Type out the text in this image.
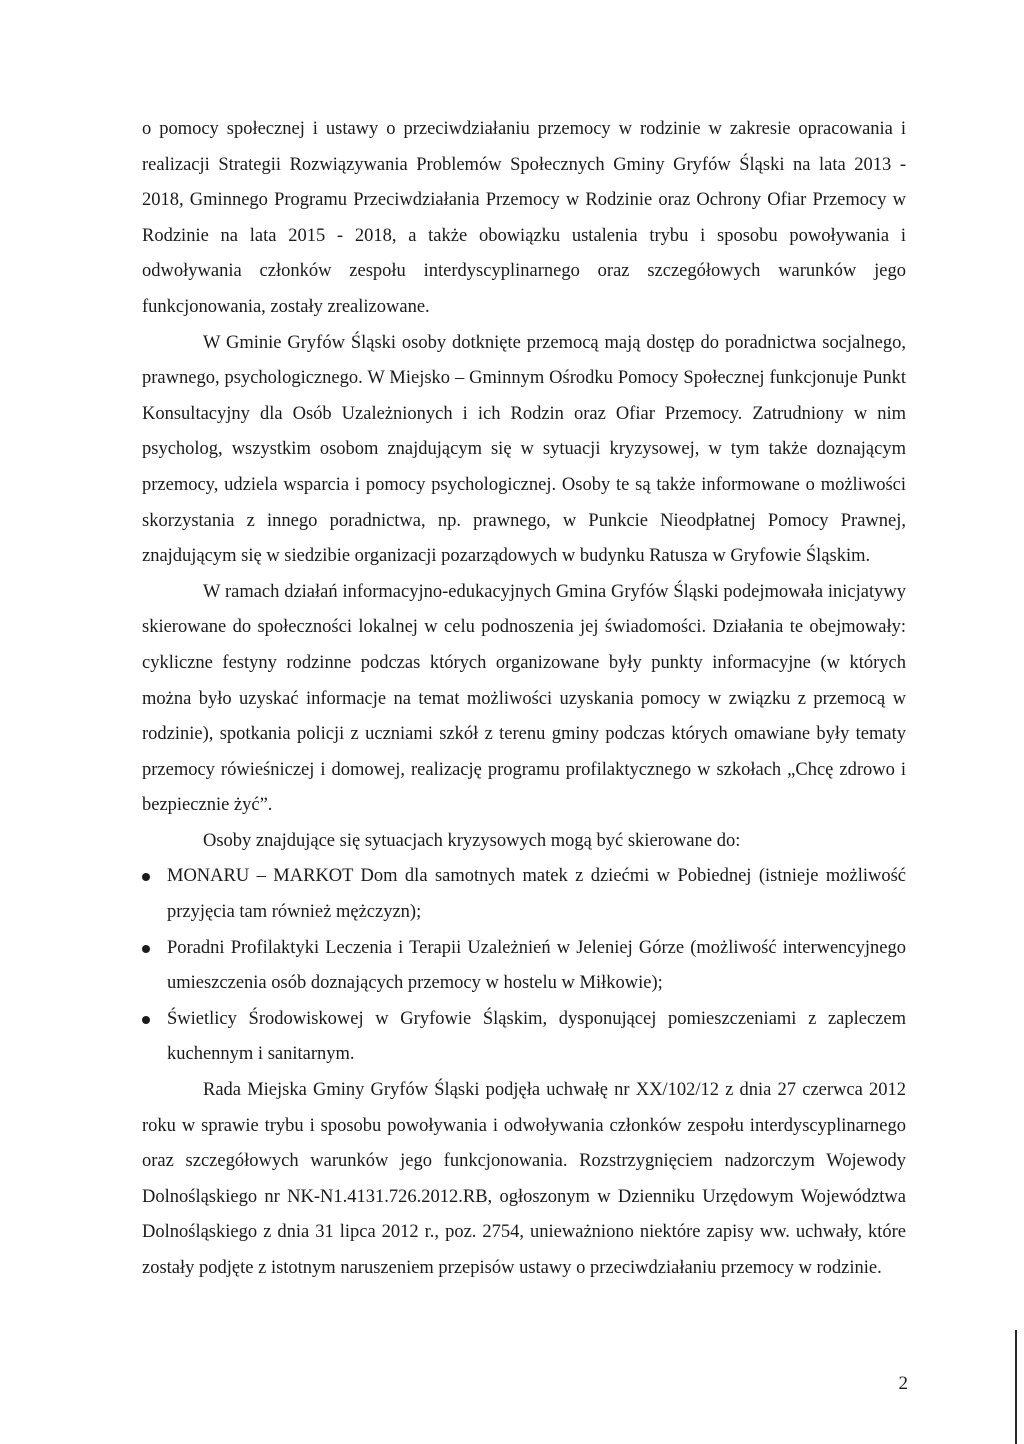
o pomocy społecznej i ustawy o przeciwdziałaniu przemocy w rodzinie w zakresie opracowania i realizacji Strategii Rozwiązywania Problemów Społecznych Gminy Gryfów Śląski na lata 2013 - 2018, Gminnego Programu Przeciwdziałania Przemocy w Rodzinie oraz Ochrony Ofiar Przemocy w Rodzinie na lata 2015 - 2018, a także obowiązku ustalenia trybu i sposobu powoływania i odwoływania członków zespołu interdyscyplinarnego oraz szczegółowych warunków jego funkcjonowania, zostały zrealizowane.

W Gminie Gryfów Śląski osoby dotknięte przemocą mają dostęp do poradnictwa socjalnego, prawnego, psychologicznego. W Miejsko – Gminnym Ośrodku Pomocy Społecznej funkcjonuje Punkt Konsultacyjny dla Osób Uzależnionych i ich Rodzin oraz Ofiar Przemocy. Zatrudniony w nim psycholog, wszystkim osobom znajdującym się w sytuacji kryzysowej, w tym także doznającym przemocy, udziela wsparcia i pomocy psychologicznej. Osoby te są także informowane o możliwości skorzystania z innego poradnictwa, np. prawnego, w Punkcie Nieodpłatnej Pomocy Prawnej, znajdującym się w siedzibie organizacji pozarządowych w budynku Ratusza w Gryfowie Śląskim.

W ramach działań informacyjno-edukacyjnych Gmina Gryfów Śląski podejmowała inicjatywy skierowane do społeczności lokalnej w celu podnoszenia jej świadomości. Działania te obejmowały: cykliczne festyny rodzinne podczas których organizowane były punkty informacyjne (w których można było uzyskać informacje na temat możliwości uzyskania pomocy w związku z przemocą w rodzinie), spotkania policji z uczniami szkół z terenu gminy podczas których omawiane były tematy przemocy rówieśniczej i domowej, realizację programu profilaktycznego w szkołach „Chcę zdrowo i bezpiecznie żyć”.

Osoby znajdujące się sytuacjach kryzysowych mogą być skierowane do:

MONARU – MARKOT Dom dla samotnych matek z dziećmi w Pobiednej (istnieje możliwość przyjęcia tam również mężczyzn);
Poradni Profilaktyki Leczenia i Terapii Uzależnień w Jeleniej Górze (możliwość interwencyjnego umieszczenia osób doznających przemocy w hostelu w Miłkowie);
Świetlicy Środowiskowej w Gryfowie Śląskim, dysponującej pomieszczeniami z zapleczem kuchennym i sanitarnym.

Rada Miejska Gminy Gryfów Śląski podjęła uchwałę nr XX/102/12 z dnia 27 czerwca 2012 roku w sprawie trybu i sposobu powoływania i odwoływania członków zespołu interdyscyplinarnego oraz szczegółowych warunków jego funkcjonowania. Rozstrzygnięciem nadzorczym Wojewody Dolnośląskiego nr NK-N1.4131.726.2012.RB, ogłoszonym w Dzienniku Urzędowym Województwa Dolnośląskiego z dnia 31 lipca 2012 r., poz. 2754, unieważniono niektóre zapisy ww. uchwały, które zostały podjęte z istotnym naruszeniem przepisów ustawy o przeciwdziałaniu przemocy w rodzinie.

2
